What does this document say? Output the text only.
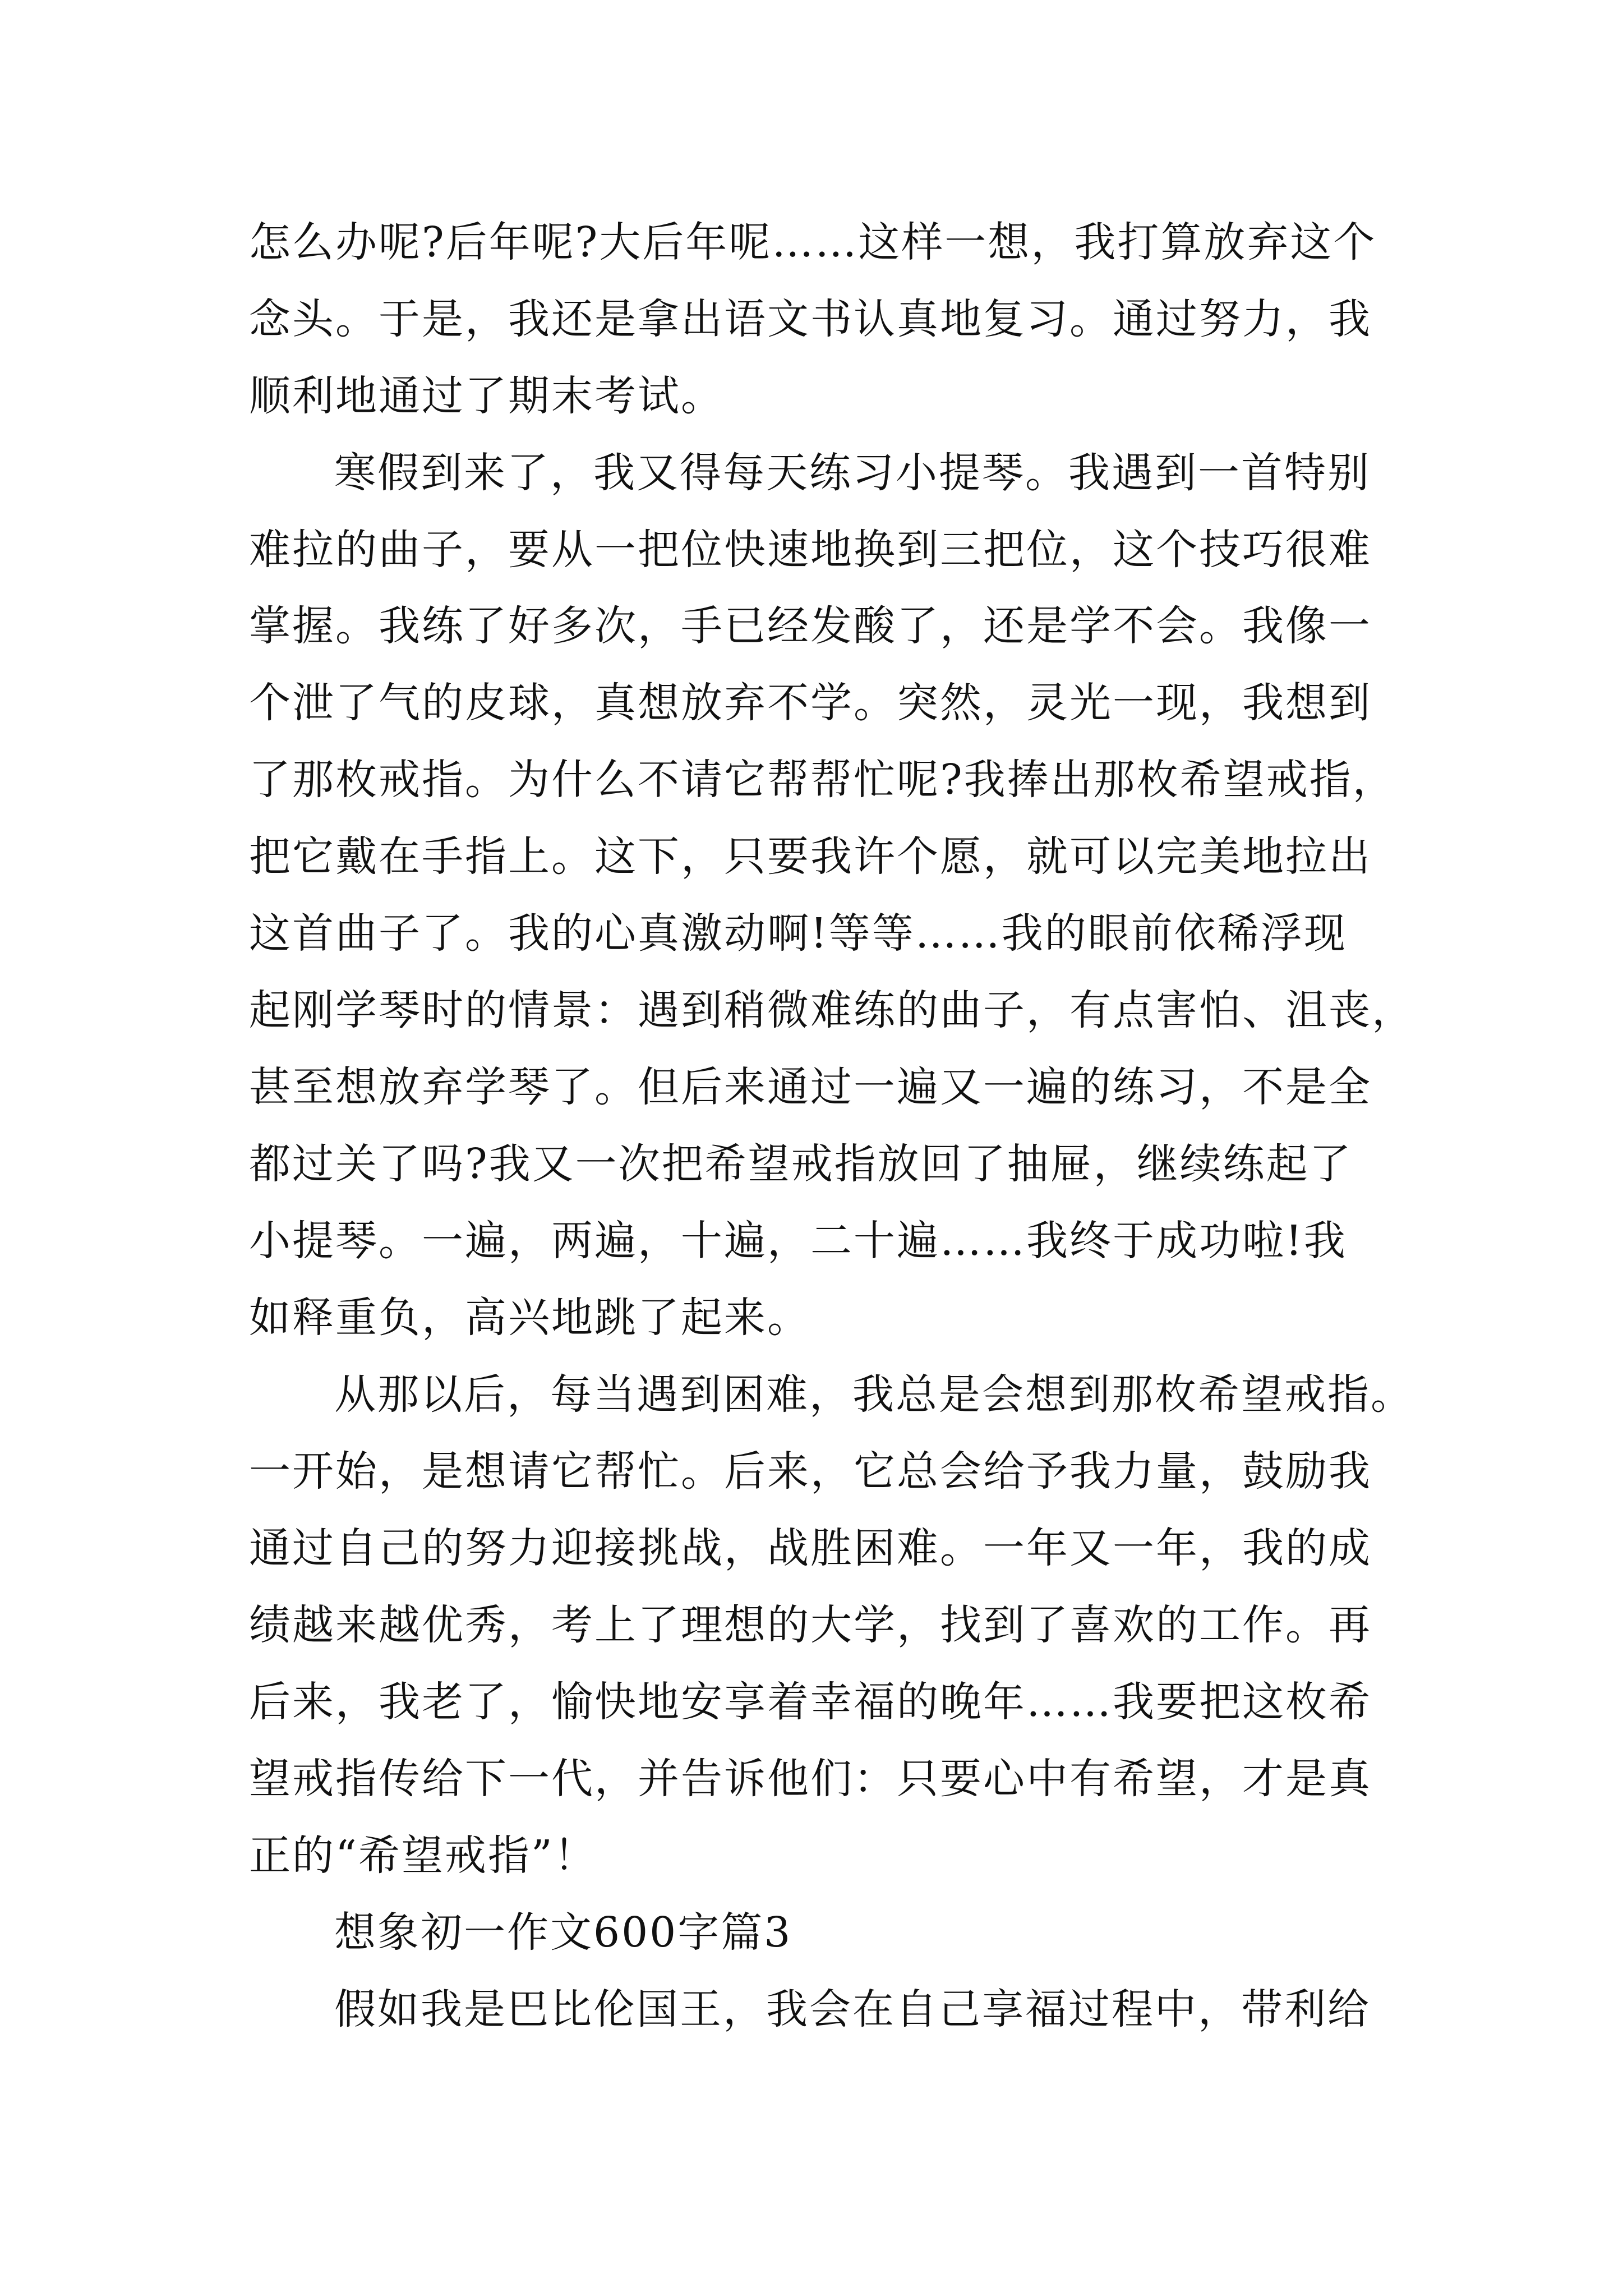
怎么办呢?后年呢?大后年呢……这样一想，我打算放弃这个
念头。于是，我还是拿出语文书认真地复习。通过努力，我
顺利地通过了期末考试。
寒假到来了，我又得每天练习小提琴。我遇到一首特别
难拉的曲子，要从一把位快速地换到三把位，这个技巧很难
掌握。我练了好多次，手已经发酸了，还是学不会。我像一
个泄了气的皮球，真想放弃不学。突然，灵光一现，我想到
了那枚戒指。为什么不请它帮帮忙呢?我捧出那枚希望戒指，
把它戴在手指上。这下，只要我许个愿，就可以完美地拉出
这首曲子了。我的心真激动啊!等等……我的眼前依稀浮现
起刚学琴时的情景：遇到稍微难练的曲子，有点害怕、沮丧，
甚至想放弃学琴了。但后来通过一遍又一遍的练习，不是全
都过关了吗?我又一次把希望戒指放回了抽屉，继续练起了
小提琴。一遍，两遍，十遍，二十遍……我终于成功啦!我
如释重负，高兴地跳了起来。
从那以后，每当遇到困难，我总是会想到那枚希望戒指。
一开始，是想请它帮忙。后来，它总会给予我力量，鼓励我
通过自己的努力迎接挑战，战胜困难。一年又一年，我的成
绩越来越优秀，考上了理想的大学，找到了喜欢的工作。再
后来，我老了，愉快地安享着幸福的晚年……我要把这枚希
望戒指传给下一代，并告诉他们：只要心中有希望，才是真
正的“希望戒指”！
想象初一作文600字篇3
假如我是巴比伦国王，我会在自己享福过程中，带利给
